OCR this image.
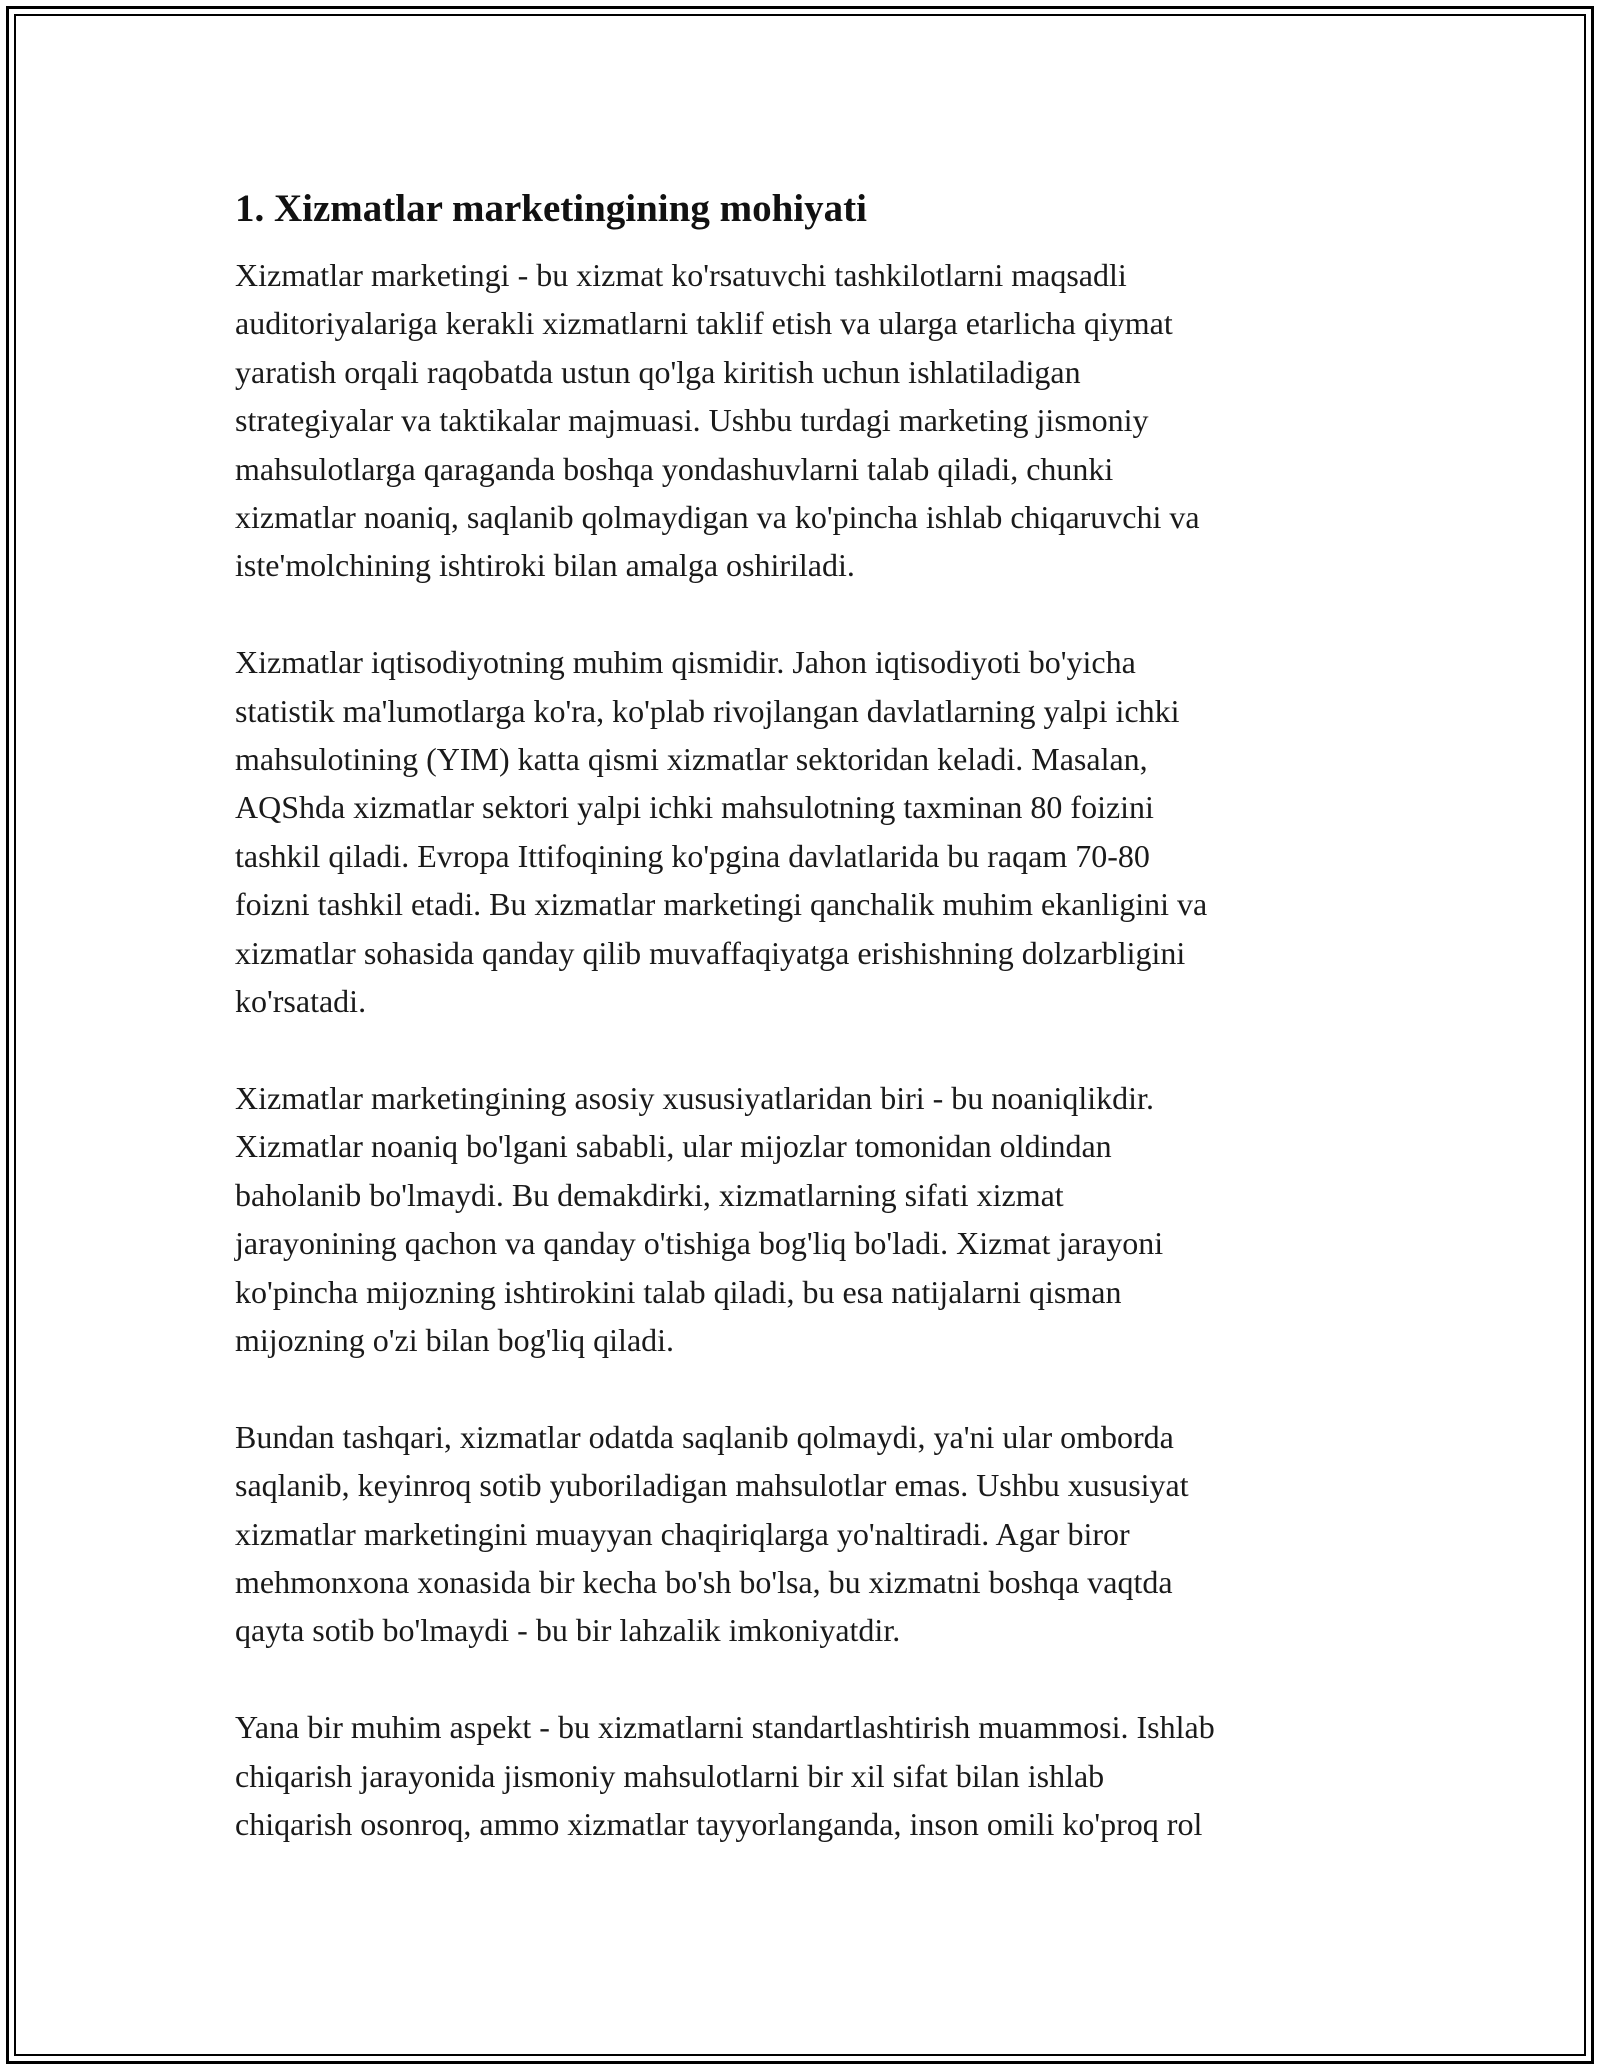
1. Xizmatlar marketingining mohiyati

Xizmatlar marketingi - bu xizmat ko'rsatuvchi tashkilotlarni maqsadli
auditoriyalariga kerakli xizmatlarni taklif etish va ularga etarlicha qiymat
yaratish orqali raqobatda ustun qo'lga kiritish uchun ishlatiladigan
strategiyalar va taktikalar majmuasi. Ushbu turdagi marketing jismoniy
mahsulotlarga qaraganda boshqa yondashuvlarni talab qiladi, chunki
xizmatlar noaniq, saqlanib qolmaydigan va ko'pincha ishlab chiqaruvchi va
iste'molchining ishtiroki bilan amalga oshiriladi.

Xizmatlar iqtisodiyotning muhim qismidir. Jahon iqtisodiyoti bo'yicha
statistik ma'lumotlarga ko'ra, ko'plab rivojlangan davlatlarning yalpi ichki
mahsulotining (YIM) katta qismi xizmatlar sektoridan keladi. Masalan,
AQShda xizmatlar sektori yalpi ichki mahsulotning taxminan 80 foizini
tashkil qiladi. Evropa Ittifoqining ko'pgina davlatlarida bu raqam 70-80
foizni tashkil etadi. Bu xizmatlar marketingi qanchalik muhim ekanligini va
xizmatlar sohasida qanday qilib muvaffaqiyatga erishishning dolzarbligini
ko'rsatadi.

Xizmatlar marketingining asosiy xususiyatlaridan biri - bu noaniqlikdir.
Xizmatlar noaniq bo'lgani sababli, ular mijozlar tomonidan oldindan
baholanib bo'lmaydi. Bu demakdirki, xizmatlarning sifati xizmat
jarayonining qachon va qanday o'tishiga bog'liq bo'ladi. Xizmat jarayoni
ko'pincha mijozning ishtirokini talab qiladi, bu esa natijalarni qisman
mijozning o'zi bilan bog'liq qiladi.

Bundan tashqari, xizmatlar odatda saqlanib qolmaydi, ya'ni ular omborda
saqlanib, keyinroq sotib yuboriladigan mahsulotlar emas. Ushbu xususiyat
xizmatlar marketingini muayyan chaqiriqlarga yo'naltiradi. Agar biror
mehmonxona xonasida bir kecha bo'sh bo'lsa, bu xizmatni boshqa vaqtda
qayta sotib bo'lmaydi - bu bir lahzalik imkoniyatdir.

Yana bir muhim aspekt - bu xizmatlarni standartlashtirish muammosi. Ishlab
chiqarish jarayonida jismoniy mahsulotlarni bir xil sifat bilan ishlab
chiqarish osonroq, ammo xizmatlar tayyorlanganda, inson omili ko'proq rol
